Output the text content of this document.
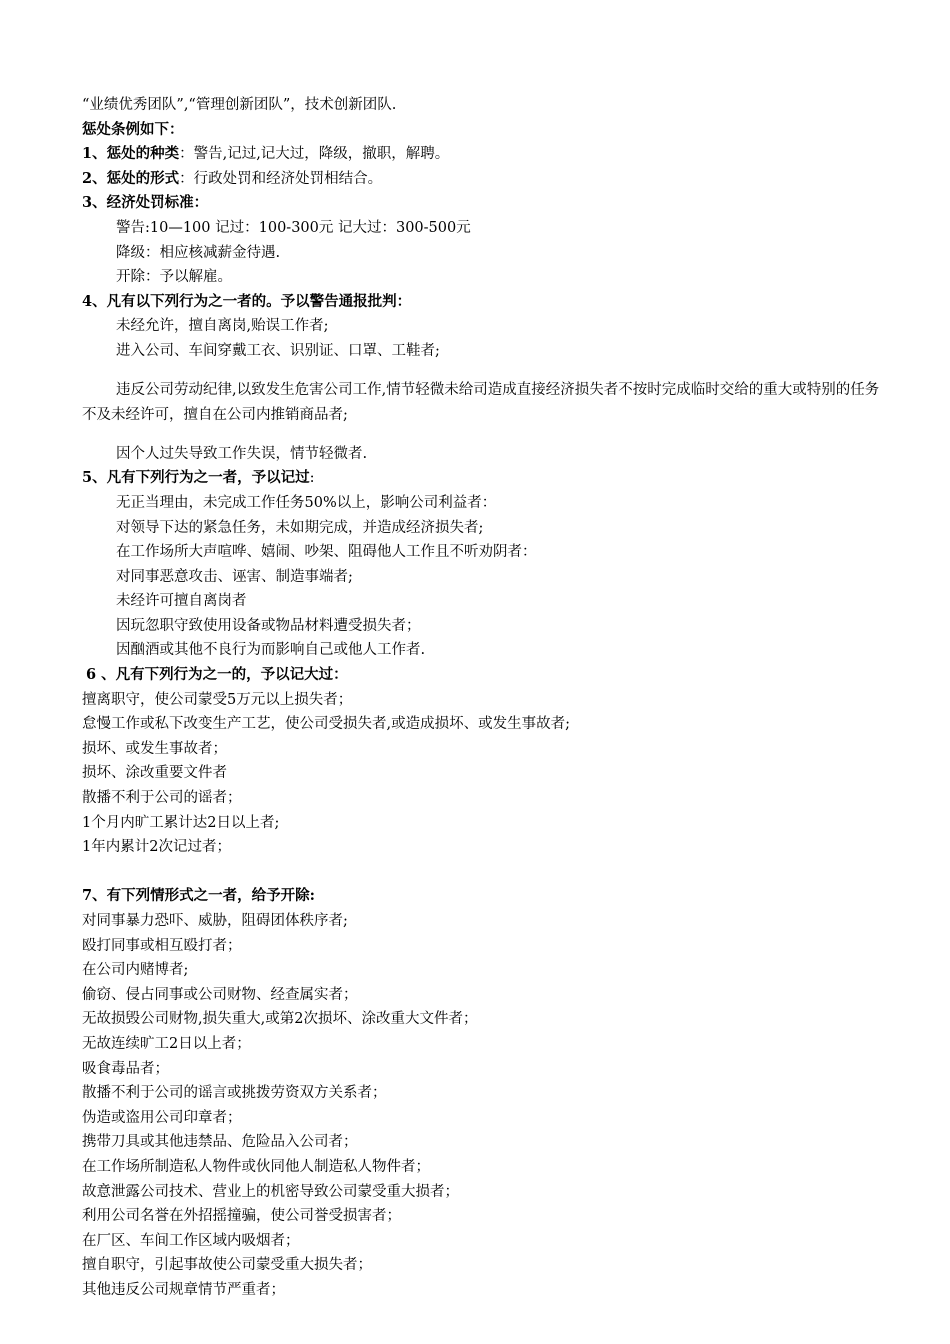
“业绩优秀团队”,“管理创新团队”，技术创新团队.

惩处条例如下：

1、惩处的种类：警告,记过,记大过，降级，撤职，解聘。

2、惩处的形式：行政处罚和经济处罚相结合。

3、经济处罚标准：

警告:10—100 记过：100-300元 记大过：300-500元

降级：相应核减薪金待遇.

开除：予以解雇。

4、凡有以下列行为之一者的。予以警告通报批判：

未经允许，擅自离岗,贻误工作者;

进入公司、车间穿戴工衣、识别证、口罩、工鞋者;

违反公司劳动纪律,以致发生危害公司工作,情节轻微未给司造成直接经济损失者不按时完成临时交给的重大或特别的任务不及未经许可，擅自在公司内推销商品者;

因个人过失导致工作失误，情节轻微者.

5、凡有下列行为之一者，予以记过:

无正当理由，未完成工作任务50%以上，影响公司利益者：

对领导下达的紧急任务，未如期完成，并造成经济损失者;

在工作场所大声喧哗、嬉闹、吵架、阻碍他人工作且不听劝阴者：

对同事恶意攻击、诬害、制造事端者;

未经许可擅自离岗者

因玩忽职守致使用设备或物品材料遭受损失者；

因酗酒或其他不良行为而影响自己或他人工作者.

6 、凡有下列行为之一的，予以记大过：

擅离职守，使公司蒙受5万元以上损失者；

怠慢工作或私下改变生产工艺，使公司受损失者,或造成损坏、或发生事故者;

损坏、或发生事故者；

损坏、涂改重要文件者

散播不利于公司的谣者；

1个月内旷工累计达2日以上者;

1年内累计2次记过者；

7、有下列情形式之一者，给予开除:

对同事暴力恐吓、威胁，阻碍团体秩序者;

殴打同事或相互殴打者；

在公司内赌博者;

偷窃、侵占同事或公司财物、经查属实者；

无故损毁公司财物,损失重大,或第2次损坏、涂改重大文件者；

无故连续旷工2日以上者；

吸食毒品者；

散播不利于公司的谣言或挑拨劳资双方关系者；

伪造或盗用公司印章者；

携带刀具或其他违禁品、危险品入公司者；

在工作场所制造私人物件或伙同他人制造私人物件者；

故意泄露公司技术、营业上的机密导致公司蒙受重大损者；

利用公司名誉在外招摇撞骗，使公司誉受损害者；

在厂区、车间工作区域内吸烟者；

擅自职守，引起事故使公司蒙受重大损失者；

其他违反公司规章情节严重者；
